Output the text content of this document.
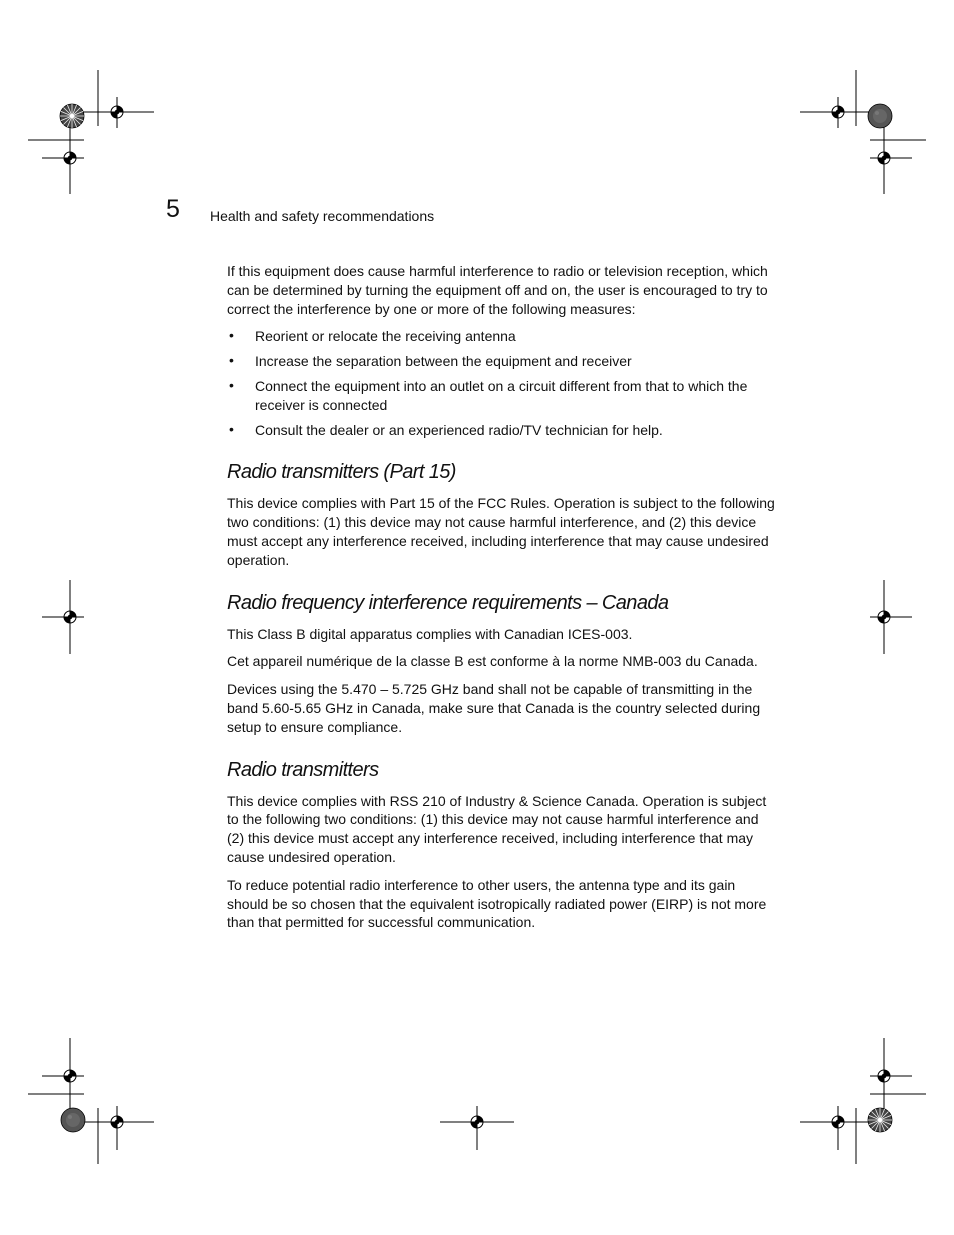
5 Health and safety recommendations

If this equipment does cause harmful interference to radio or television reception, which can be determined by turning the equipment off and on, the user is encouraged to try to correct the interference by one or more of the following measures:

• Reorient or relocate the receiving antenna
• Increase the separation between the equipment and receiver
• Connect the equipment into an outlet on a circuit different from that to which the receiver is connected
• Consult the dealer or an experienced radio/TV technician for help.
Radio transmitters (Part 15)

This device complies with Part 15 of the FCC Rules. Operation is subject to the following two conditions: (1) this device may not cause harmful interference, and (2) this device must accept any interference received, including interference that may cause undesired operation.

Radio frequency interference requirements – Canada

This Class B digital apparatus complies with Canadian ICES-003.

Cet appareil numérique de la classe B est conforme à la norme NMB-003 du Canada.

Devices using the 5.470 – 5.725 GHz band shall not be capable of transmitting in the band 5.60-5.65 GHz in Canada, make sure that Canada is the country selected during setup to ensure compliance.

Radio transmitters

This device complies with RSS 210 of Industry & Science Canada. Operation is subject to the following two conditions: (1) this device may not cause harmful interference and (2) this device must accept any interference received, including interference that may cause undesired operation.

To reduce potential radio interference to other users, the antenna type and its gain should be so chosen that the equivalent isotropically radiated power (EIRP) is not more than that permitted for successful communication.
